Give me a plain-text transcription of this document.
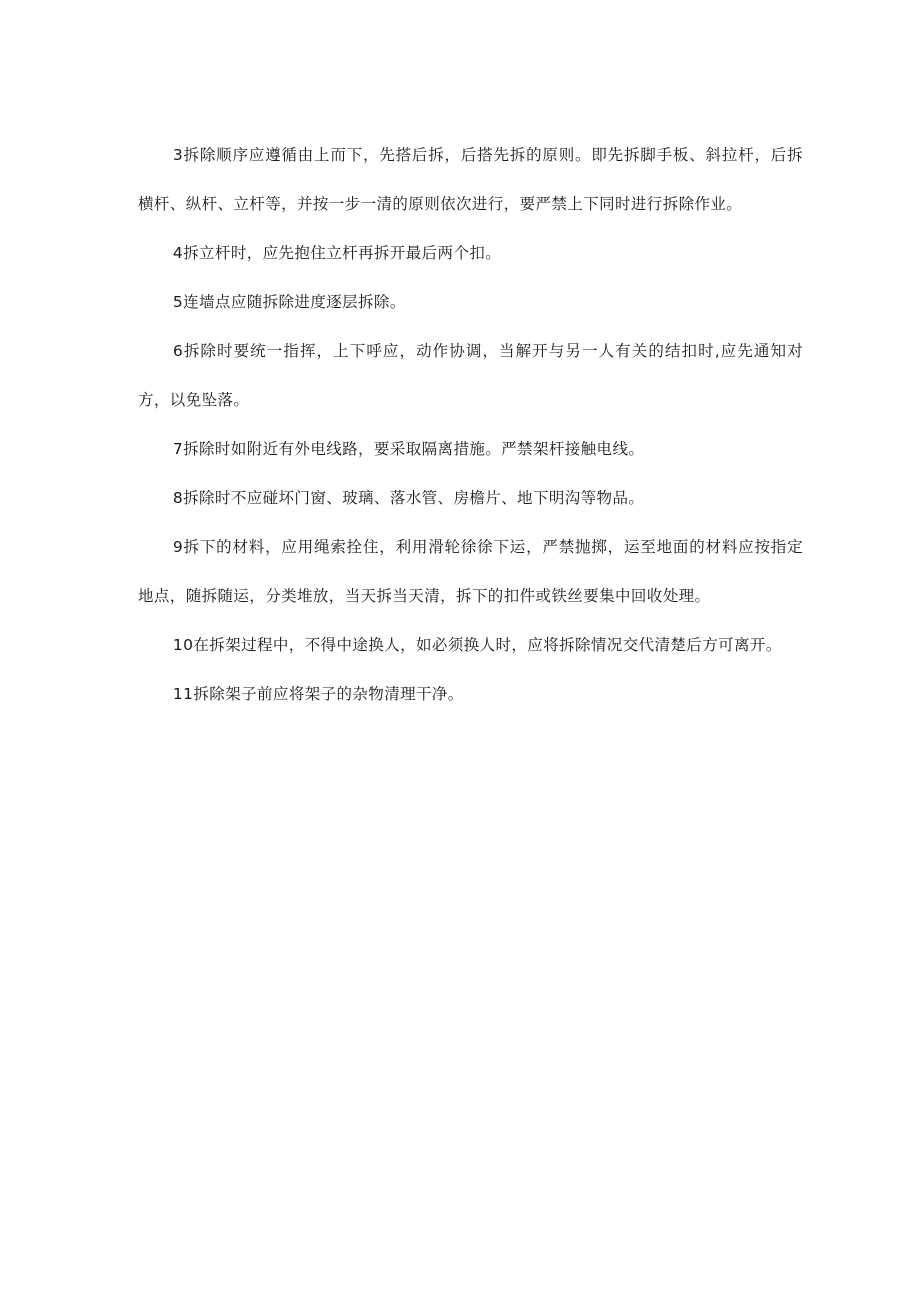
3拆除顺序应遵循由上而下，先搭后拆，后搭先拆的原则。即先拆脚手板、斜拉杆，后拆横杆、纵杆、立杆等，并按一步一清的原则依次进行，要严禁上下同时进行拆除作业。

4拆立杆时，应先抱住立杆再拆开最后两个扣。

5连墙点应随拆除进度逐层拆除。

6拆除时要统一指挥，上下呼应，动作协调，当解开与另一人有关的结扣时,应先通知对方，以免坠落。

7拆除时如附近有外电线路，要采取隔离措施。严禁架杆接触电线。

8拆除时不应碰坏门窗、玻璃、落水管、房檐片、地下明沟等物品。

9拆下的材料，应用绳索拴住，利用滑轮徐徐下运，严禁抛掷，运至地面的材料应按指定地点，随拆随运，分类堆放，当天拆当天清，拆下的扣件或铁丝要集中回收处理。

10在拆架过程中，不得中途换人，如必须换人时，应将拆除情况交代清楚后方可离开。

11拆除架子前应将架子的杂物清理干净。
